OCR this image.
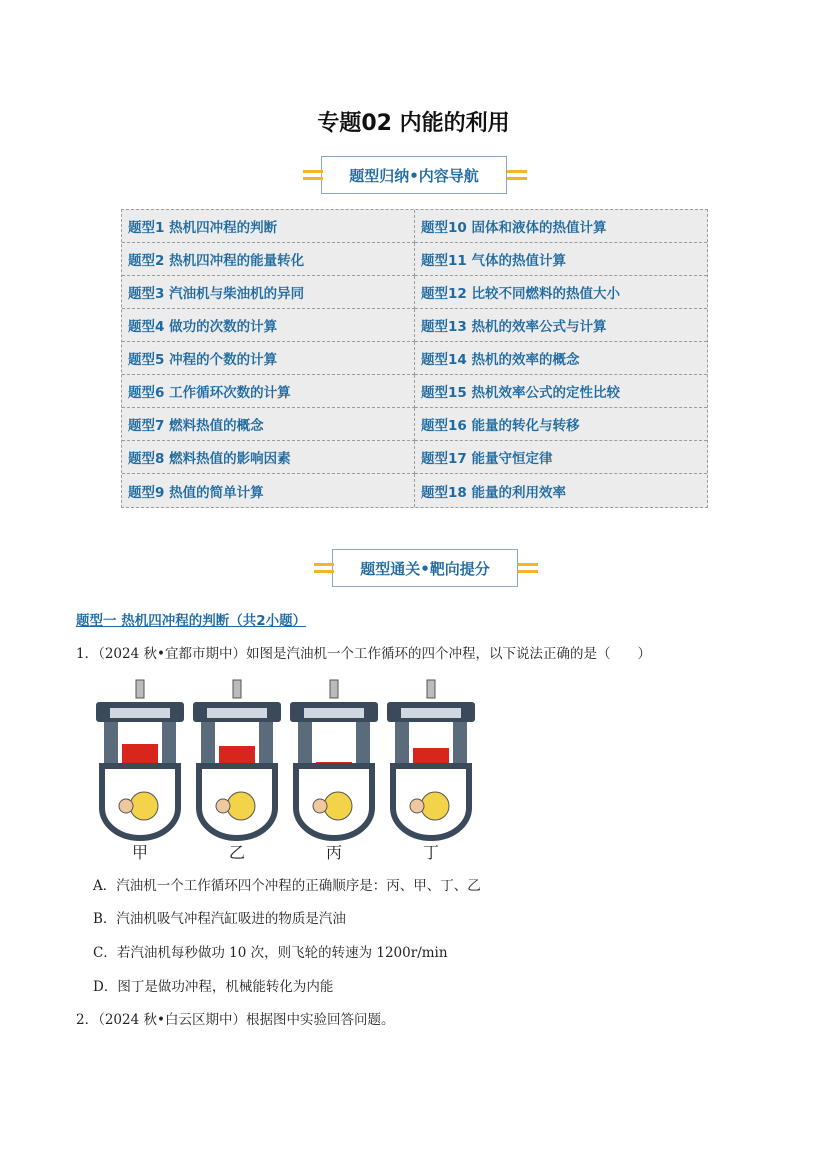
专题02 内能的利用
题型归纳•内容导航
题型1 热机四冲程的判断	题型10 固体和液体的热值计算
题型2 热机四冲程的能量转化	题型11 气体的热值计算
题型3 汽油机与柴油机的异同	题型12 比较不同燃料的热值大小
题型4 做功的次数的计算	题型13 热机的效率公式与计算
题型5 冲程的个数的计算	题型14 热机的效率的概念
题型6 工作循环次数的计算	题型15 热机效率公式的定性比较
题型7 燃料热值的概念	题型16 能量的转化与转移
题型8 燃料热值的影响因素	题型17 能量守恒定律
题型9 热值的简单计算	题型18 能量的利用效率
题型通关•靶向提分
题型一 热机四冲程的判断（共2小题）
1．（2024 秋•宜都市期中）如图是汽油机一个工作循环的四个冲程，以下说法正确的是（　　）
甲	乙	丙	丁
A．汽油机一个工作循环四个冲程的正确顺序是：丙、甲、丁、乙
B．汽油机吸气冲程汽缸吸进的物质是汽油
C．若汽油机每秒做功 10 次，则飞轮的转速为 1200r/min
D．图丁是做功冲程，机械能转化为内能
2．（2024 秋•白云区期中）根据图中实验回答问题。
